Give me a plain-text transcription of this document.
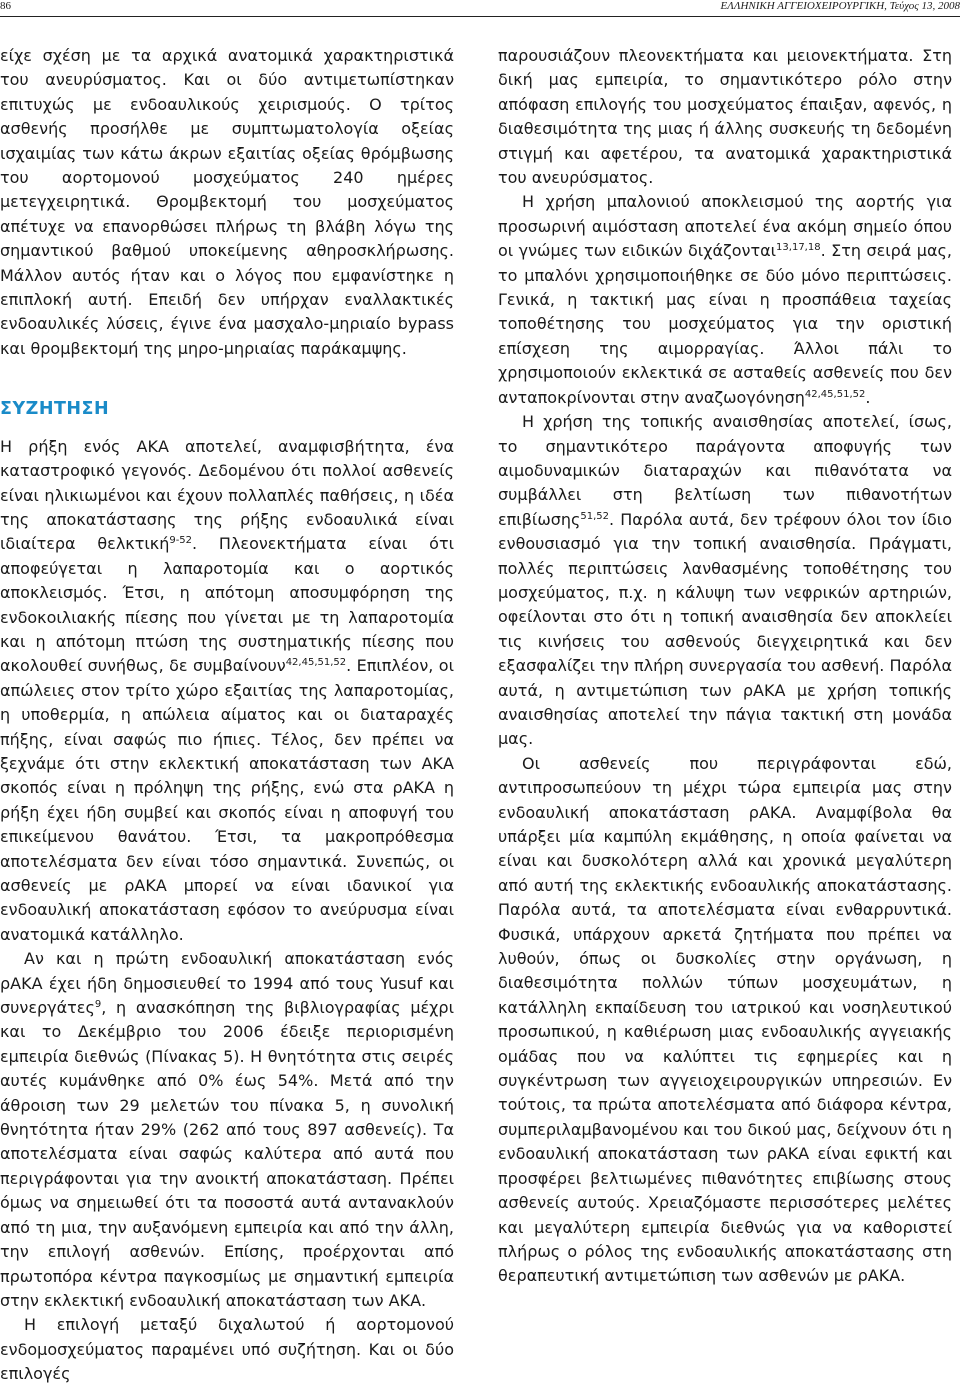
86	ΕΛΛΗΝΙΚΗ ΑΓΓΕΙΟΧΕΙΡΟΥΡΓΙΚΗ, Τεύχος 13, 2008

είχε σχέση με τα αρχικά ανατομικά χαρακτηριστικά του ανευρύσματος. Και οι δύο αντιμετωπίστηκαν επιτυχώς με ενδοαυλικούς χειρισμούς. Ο τρίτος ασθενής προσήλθε με συμπτωματολογία οξείας ισχαιμίας των κάτω άκρων εξαιτίας οξείας θρόμβωσης του αορτομονού μοσχεύματος 240 ημέρες μετεγχειρητικά. Θρομβεκτομή του μοσχεύματος απέτυχε να επανορθώσει πλήρως τη βλάβη λόγω της σημαντικού βαθμού υποκείμενης αθηροσκλήρωσης. Μάλλον αυτός ήταν και ο λόγος που εμφανίστηκε η επιπλοκή αυτή. Επειδή δεν υπήρχαν εναλλακτικές ενδοαυλικές λύσεις, έγινε ένα μασχαλο-μηριαίο bypass και θρομβεκτομή της μηρο-μηριαίας παράκαμψης.

ΣΥΖΗΤΗΣΗ

Η ρήξη ενός ΑΚΑ αποτελεί, αναμφισβήτητα, ένα καταστροφικό γεγονός. Δεδομένου ότι πολλοί ασθενείς είναι ηλικιωμένοι και έχουν πολλαπλές παθήσεις, η ιδέα της αποκατάστασης της ρήξης ενδοαυλικά είναι ιδιαίτερα θελκτική$^{9-52}$. Πλεονεκτήματα είναι ότι αποφεύγεται η λαπαροτομία και ο αορτικός αποκλεισμός. Έτσι, η απότομη αποσυμφόρηση της ενδοκοιλιακής πίεσης που γίνεται με τη λαπαροτομία και η απότομη πτώση της συστηματικής πίεσης που ακολουθεί συνήθως, δε συμβαίνουν$^{42,45,51,52}$. Επιπλέον, οι απώλειες στον τρίτο χώρο εξαιτίας της λαπαροτομίας, η υποθερμία, η απώλεια αίματος και οι διαταραχές πήξης, είναι σαφώς πιο ήπιες. Τέλος, δεν πρέπει να ξεχνάμε ότι στην εκλεκτική αποκατάσταση των ΑΚΑ σκοπός είναι η πρόληψη της ρήξης, ενώ στα ρΑΚΑ η ρήξη έχει ήδη συμβεί και σκοπός είναι η αποφυγή του επικείμενου θανάτου. Έτσι, τα μακροπρόθεσμα αποτελέσματα δεν είναι τόσο σημαντικά. Συνεπώς, οι ασθενείς με ρΑΚΑ μπορεί να είναι ιδανικοί για ενδοαυλική αποκατάσταση εφόσον το ανεύρυσμα είναι ανατομικά κατάλληλο.

Αν και η πρώτη ενδοαυλική αποκατάσταση ενός ρΑΚΑ έχει ήδη δημοσιευθεί το 1994 από τους Yusuf και συνεργάτες$^9$, η ανασκόπηση της βιβλιογραφίας μέχρι και το Δεκέμβριο του 2006 έδειξε περιορισμένη εμπειρία διεθνώς (Πίνακας 5). Η θνητότητα στις σειρές αυτές κυμάνθηκε από 0% έως 54%. Μετά από την άθροιση των 29 μελετών του πίνακα 5, η συνολική θνητότητα ήταν 29% (262 από τους 897 ασθενείς). Τα αποτελέσματα είναι σαφώς καλύτερα από αυτά που περιγράφονται για την ανοικτή αποκατάσταση. Πρέπει όμως να σημειωθεί ότι τα ποσοστά αυτά αντανακλούν από τη μια, την αυξανόμενη εμπειρία και από την άλλη, την επιλογή ασθενών. Επίσης, προέρχονται από πρωτοπόρα κέντρα παγκοσμίως με σημαντική εμπειρία στην εκλεκτική ενδοαυλική αποκατάσταση των ΑΚΑ.

Η επιλογή μεταξύ διχαλωτού ή αορτομονού ενδομοσχεύματος παραμένει υπό συζήτηση. Και οι δύο επιλογές

παρουσιάζουν πλεονεκτήματα και μειονεκτήματα. Στη δική μας εμπειρία, το σημαντικότερο ρόλο στην απόφαση επιλογής του μοσχεύματος έπαιξαν, αφενός, η διαθεσιμότητα της μιας ή άλλης συσκευής τη δεδομένη στιγμή και αφετέρου, τα ανατομικά χαρακτηριστικά του ανευρύσματος.

Η χρήση μπαλονιού αποκλεισμού της αορτής για προσωρινή αιμόσταση αποτελεί ένα ακόμη σημείο όπου οι γνώμες των ειδικών διχάζονται$^{13,17,18}$. Στη σειρά μας, το μπαλόνι χρησιμοποιήθηκε σε δύο μόνο περιπτώσεις. Γενικά, η τακτική μας είναι η προσπάθεια ταχείας τοποθέτησης του μοσχεύματος για την οριστική επίσχεση της αιμορραγίας. Άλλοι πάλι το χρησιμοποιούν εκλεκτικά σε ασταθείς ασθενείς που δεν ανταποκρίνονται στην αναζωογόνηση$^{42,45,51,52}$.

Η χρήση της τοπικής αναισθησίας αποτελεί, ίσως, το σημαντικότερο παράγοντα αποφυγής των αιμοδυναμικών διαταραχών και πιθανότατα να συμβάλλει στη βελτίωση των πιθανοτήτων επιβίωσης$^{51,52}$. Παρόλα αυτά, δεν τρέφουν όλοι τον ίδιο ενθουσιασμό για την τοπική αναισθησία. Πράγματι, πολλές περιπτώσεις λανθασμένης τοποθέτησης του μοσχεύματος, π.χ. η κάλυψη των νεφρικών αρτηριών, οφείλονται στο ότι η τοπική αναισθησία δεν αποκλείει τις κινήσεις του ασθενούς διεγχειρητικά και δεν εξασφαλίζει την πλήρη συνεργασία του ασθενή. Παρόλα αυτά, η αντιμετώπιση των ρΑΚΑ με χρήση τοπικής αναισθησίας αποτελεί την πάγια τακτική στη μονάδα μας.

Οι ασθενείς που περιγράφονται εδώ, αντιπροσωπεύουν τη μέχρι τώρα εμπειρία μας στην ενδοαυλική αποκατάσταση ρΑΚΑ. Αναμφίβολα θα υπάρξει μία καμπύλη εκμάθησης, η οποία φαίνεται να είναι και δυσκολότερη αλλά και χρονικά μεγαλύτερη από αυτή της εκλεκτικής ενδοαυλικής αποκατάστασης. Παρόλα αυτά, τα αποτελέσματα είναι ενθαρρυντικά. Φυσικά, υπάρχουν αρκετά ζητήματα που πρέπει να λυθούν, όπως οι δυσκολίες στην οργάνωση, η διαθεσιμότητα πολλών τύπων μοσχευμάτων, η κατάλληλη εκπαίδευση του ιατρικού και νοσηλευτικού προσωπικού, η καθιέρωση μιας ενδοαυλικής αγγειακής ομάδας που να καλύπτει τις εφημερίες και η συγκέντρωση των αγγειοχειρουργικών υπηρεσιών. Εν τούτοις, τα πρώτα αποτελέσματα από διάφορα κέντρα, συμπεριλαμβανομένου και του δικού μας, δείχνουν ότι η ενδοαυλική αποκατάσταση των ρΑΚΑ είναι εφικτή και προσφέρει βελτιωμένες πιθανότητες επιβίωσης στους ασθενείς αυτούς. Χρειαζόμαστε περισσότερες μελέτες και μεγαλύτερη εμπειρία διεθνώς για να καθοριστεί πλήρως ο ρόλος της ενδοαυλικής αποκατάστασης στη θεραπευτική αντιμετώπιση των ασθενών με ρΑΚΑ.
